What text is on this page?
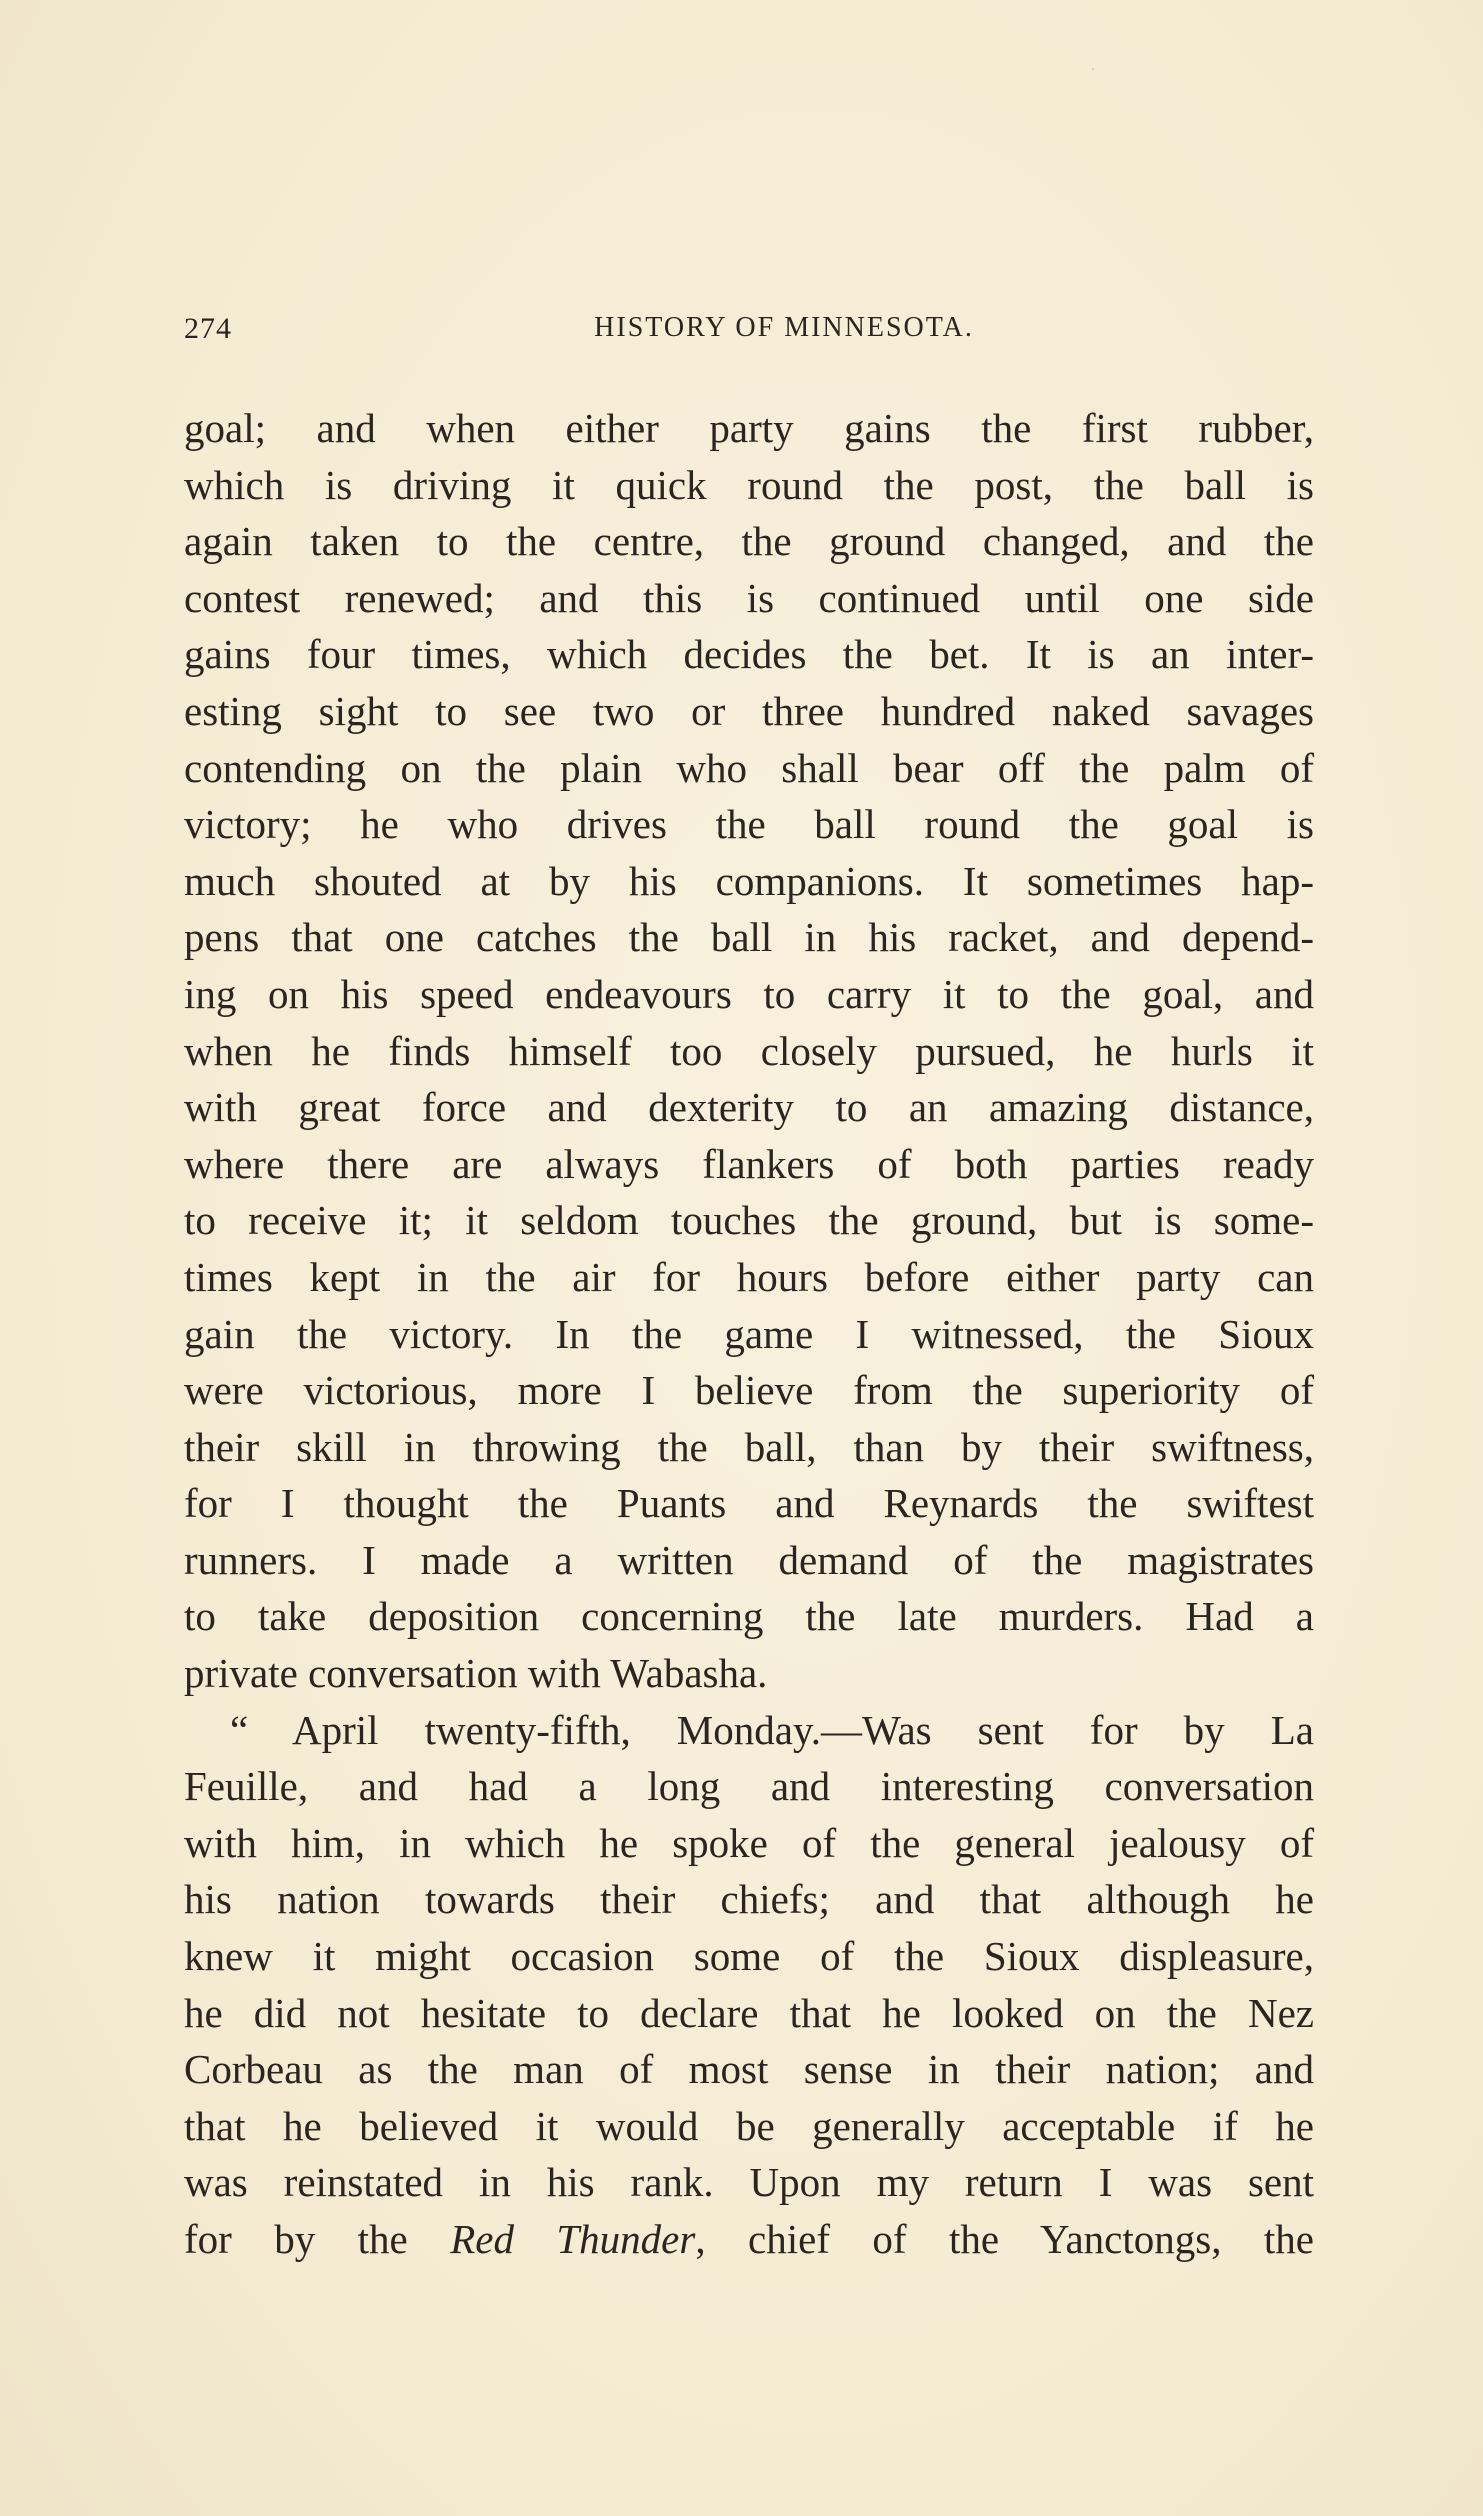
274	HISTORY OF MINNESOTA.
goal; and when either party gains the first rubber,
which is driving it quick round the post, the ball is
again taken to the centre, the ground changed, and the
contest renewed; and this is continued until one side
gains four times, which decides the bet. It is an inter-
esting sight to see two or three hundred naked savages
contending on the plain who shall bear off the palm of
victory; he who drives the ball round the goal is
much shouted at by his companions. It sometimes hap-
pens that one catches the ball in his racket, and depend-
ing on his speed endeavours to carry it to the goal, and
when he finds himself too closely pursued, he hurls it
with great force and dexterity to an amazing distance,
where there are always flankers of both parties ready
to receive it; it seldom touches the ground, but is some-
times kept in the air for hours before either party can
gain the victory. In the game I witnessed, the Sioux
were victorious, more I believe from the superiority of
their skill in throwing the ball, than by their swiftness,
for I thought the Puants and Reynards the swiftest
runners. I made a written demand of the magistrates
to take deposition concerning the late murders. Had a
private conversation with Wabasha.
“ April twenty-fifth, Monday.—Was sent for by La
Feuille, and had a long and interesting conversation
with him, in which he spoke of the general jealousy of
his nation towards their chiefs; and that although he
knew it might occasion some of the Sioux displeasure,
he did not hesitate to declare that he looked on the Nez
Corbeau as the man of most sense in their nation; and
that he believed it would be generally acceptable if he
was reinstated in his rank. Upon my return I was sent
for by the Red Thunder, chief of the Yanctongs, the
